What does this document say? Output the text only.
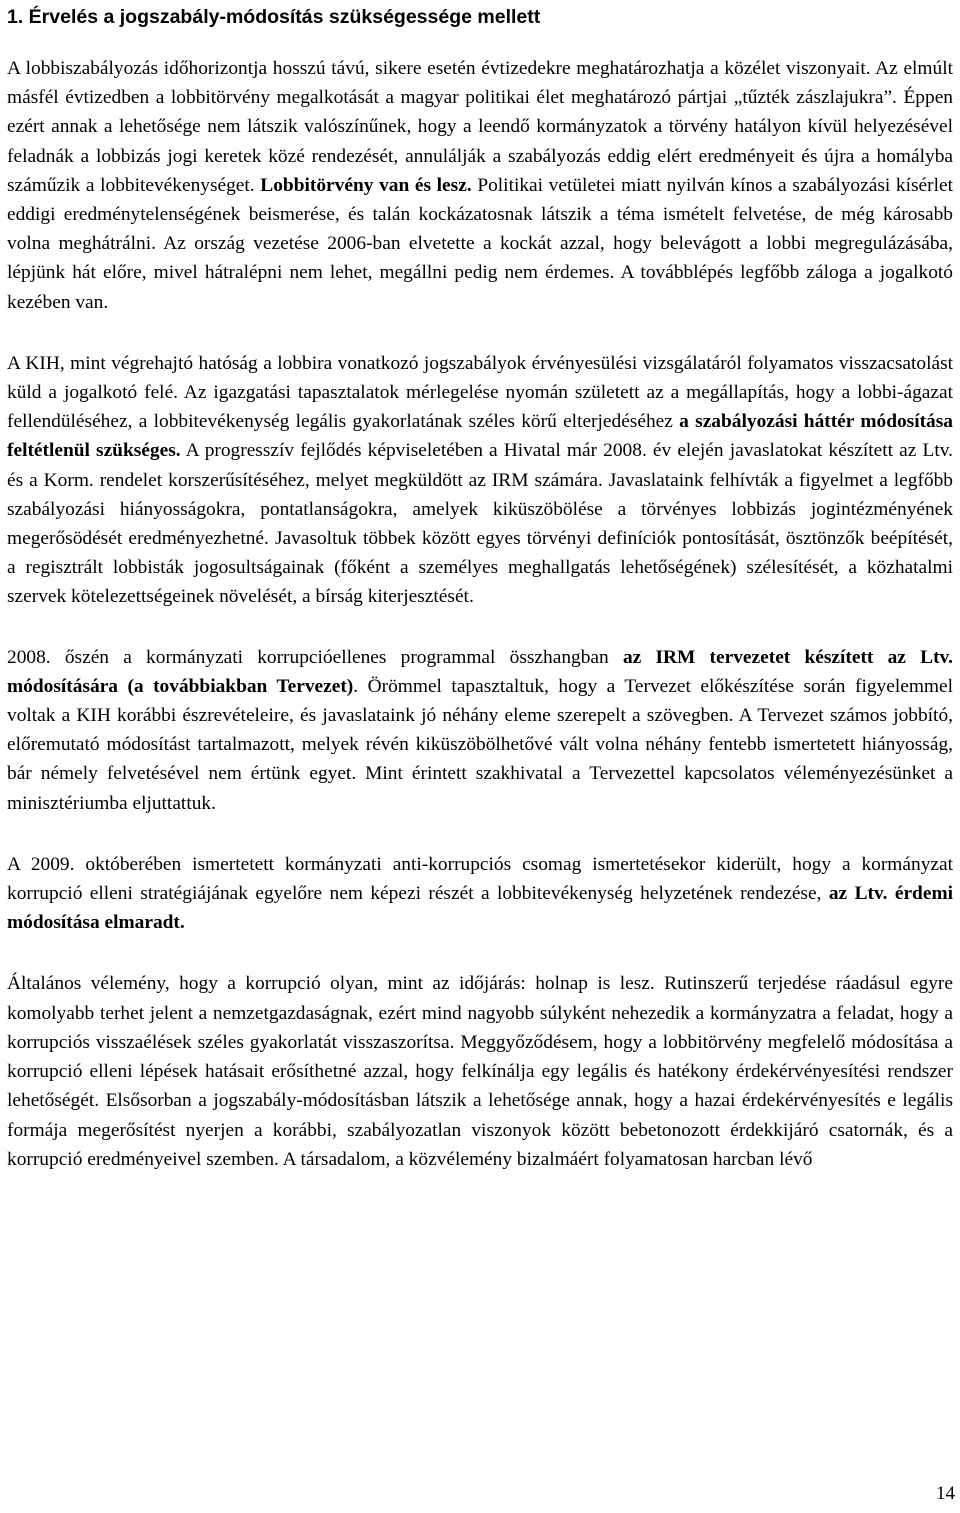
1. Érvelés a jogszabály-módosítás szükségessége mellett

A lobbiszabályozás időhorizontja hosszú távú, sikere esetén évtizedekre meghatározhatja a közélet viszonyait. Az elmúlt másfél évtizedben a lobbitörvény megalkotását a magyar politikai élet meghatározó pártjai „tűzték zászlajukra”. Éppen ezért annak a lehetősége nem látszik valószínűnek, hogy a leendő kormányzatok a törvény hatályon kívül helyezésével feladnák a lobbizás jogi keretek közé rendezését, annulálják a szabályozás eddig elért eredményeit és újra a homályba száműzik a lobbitevékenységet. Lobbitörvény van és lesz. Politikai vetületei miatt nyilván kínos a szabályozási kísérlet eddigi eredménytelenségének beismerése, és talán kockázatosnak látszik a téma ismételt felvetése, de még károsabb volna meghátrálni. Az ország vezetése 2006-ban elvetette a kockát azzal, hogy belevágott a lobbi megregulázásába, lépjünk hát előre, mivel hátralépni nem lehet, megállni pedig nem érdemes. A továbblépés legfőbb záloga a jogalkotó kezében van.

A KIH, mint végrehajtó hatóság a lobbira vonatkozó jogszabályok érvényesülési vizsgálatáról folyamatos visszacsatolást küld a jogalkotó felé. Az igazgatási tapasztalatok mérlegelése nyomán született az a megállapítás, hogy a lobbi-ágazat fellendüléséhez, a lobbitevékenység legális gyakorlatának széles körű elterjedéséhez a szabályozási háttér módosítása feltétlenül szükséges. A progresszív fejlődés képviseletében a Hivatal már 2008. év elején javaslatokat készített az Ltv. és a Korm. rendelet korszerűsítéséhez, melyet megküldött az IRM számára. Javaslataink felhívták a figyelmet a legfőbb szabályozási hiányosságokra, pontatlanságokra, amelyek kiküszöbölése a törvényes lobbizás jogintézményének megerősödését eredményezhetné. Javasoltuk többek között egyes törvényi definíciók pontosítását, ösztönzők beépítését, a regisztrált lobbisták jogosultságainak (főként a személyes meghallgatás lehetőségének) szélesítését, a közhatalmi szervek kötelezettségeinek növelését, a bírság kiterjesztését.

2008. őszén a kormányzati korrupcióellenes programmal összhangban az IRM tervezetet készített az Ltv. módosítására (a továbbiakban Tervezet). Örömmel tapasztaltuk, hogy a Tervezet előkészítése során figyelemmel voltak a KIH korábbi észrevételeire, és javaslataink jó néhány eleme szerepelt a szövegben. A Tervezet számos jobbító, előremutató módosítást tartalmazott, melyek révén kiküszöbölhetővé vált volna néhány fentebb ismertetett hiányosság, bár némely felvetésével nem értünk egyet. Mint érintett szakhivatal a Tervezettel kapcsolatos véleményezésünket a minisztériumba eljuttattuk.

A 2009. októberében ismertetett kormányzati anti-korrupciós csomag ismertetésekor kiderült, hogy a kormányzat korrupció elleni stratégiájának egyelőre nem képezi részét a lobbitevékenység helyzetének rendezése, az Ltv. érdemi módosítása elmaradt.

Általános vélemény, hogy a korrupció olyan, mint az időjárás: holnap is lesz. Rutinszerű terjedése ráadásul egyre komolyabb terhet jelent a nemzetgazdaságnak, ezért mind nagyobb súlyként nehezedik a kormányzatra a feladat, hogy a korrupciós visszaélések széles gyakorlatát visszaszorítsa. Meggyőződésem, hogy a lobbitörvény megfelelő módosítása a korrupció elleni lépések hatásait erősíthetné azzal, hogy felkínálja egy legális és hatékony érdekérvényesítési rendszer lehetőségét. Elsősorban a jogszabály-módosításban látszik a lehetősége annak, hogy a hazai érdekérvényesítés e legális formája megerősítést nyerjen a korábbi, szabályozatlan viszonyok között bebetonozott érdekkijáró csatornák, és a korrupció eredményeivel szemben. A társadalom, a közvélemény bizalmáért folyamatosan harcban lévő

14
